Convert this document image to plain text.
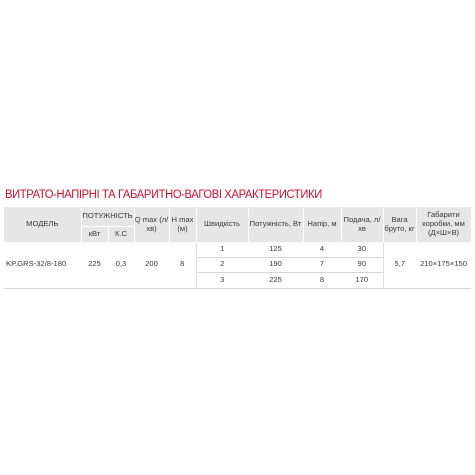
ВИТРАТО-НАПІРНІ ТА ГАБАРИТНО-ВАГОВІ ХАРАКТЕРИСТИКИ
МОДЕЛЬ	ПОТУЖНІСТЬ		Q max (л/хв)	H max (м)	Швидкість	Потужність, Вт	Напір, м	Подача, л/хв	Вага бруто, кг	Габарити коробки, мм (Д×Ш×В)
	кВт	К.С								
KP.GRS-32/8-180	225	0,3	200	8	1	125	4	30	5,7	210×175×150
					2	190	7	90		
					3	225	8	170		
